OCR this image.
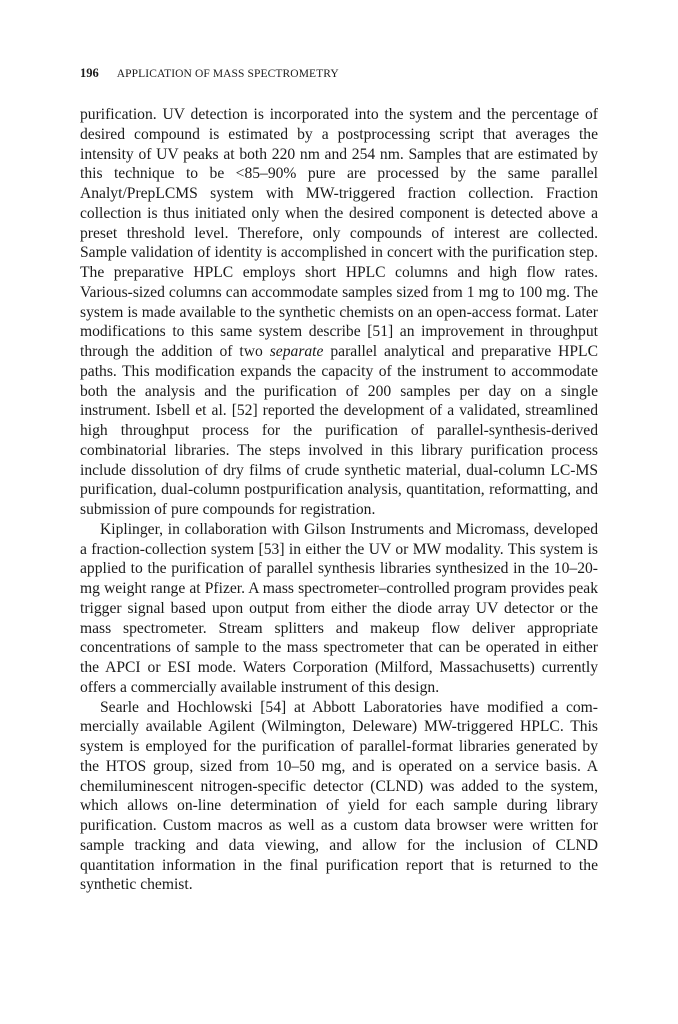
196 APPLICATION OF MASS SPECTROMETRY

purification. UV detection is incorporated into the system and the percentage of desired compound is estimated by a postprocessing script that averages the intensity of UV peaks at both 220 nm and 254 nm. Samples that are estimated by this technique to be <85–90% pure are processed by the same parallel Analyt/PrepLCMS system with MW-triggered fraction collection. Fraction collection is thus initiated only when the desired component is detected above a preset threshold level. Therefore, only compounds of interest are collected. Sample validation of identity is accomplished in concert with the purification step. The preparative HPLC employs short HPLC columns and high flow rates. Various-sized columns can accommodate samples sized from 1 mg to 100 mg. The system is made available to the synthetic chemists on an open-access format. Later modifications to this same system describe [51] an improvement in throughput through the addition of two separate parallel analytical and preparative HPLC paths. This modification expands the capacity of the instrument to accommodate both the analysis and the purification of 200 samples per day on a single instrument. Isbell et al. [52] reported the development of a validated, streamlined high throughput process for the purification of parallel-synthesis-derived combinatorial libraries. The steps involved in this library purification process include dissolution of dry films of crude synthetic material, dual-column LC-MS purification, dual-column postpurification analysis, quantitation, reformatting, and submission of pure compounds for registration.

Kiplinger, in collaboration with Gilson Instruments and Micromass, developed a fraction-collection system [53] in either the UV or MW modality. This system is applied to the purification of parallel synthesis libraries synthesized in the 10–20-mg weight range at Pfizer. A mass spectrometer–controlled program provides peak trigger signal based upon output from either the diode array UV detector or the mass spectrometer. Stream splitters and makeup flow deliver appropriate concentrations of sample to the mass spectrometer that can be operated in either the APCI or ESI mode. Waters Corporation (Milford, Massachusetts) currently offers a commercially available instrument of this design.

Searle and Hochlowski [54] at Abbott Laboratories have modified a commercially available Agilent (Wilmington, Deleware) MW-triggered HPLC. This system is employed for the purification of parallel-format libraries generated by the HTOS group, sized from 10–50 mg, and is operated on a service basis. A chemiluminescent nitrogen-specific detector (CLND) was added to the system, which allows on-line determination of yield for each sample during library purification. Custom macros as well as a custom data browser were written for sample tracking and data viewing, and allow for the inclusion of CLND quantitation information in the final purification report that is returned to the synthetic chemist.
